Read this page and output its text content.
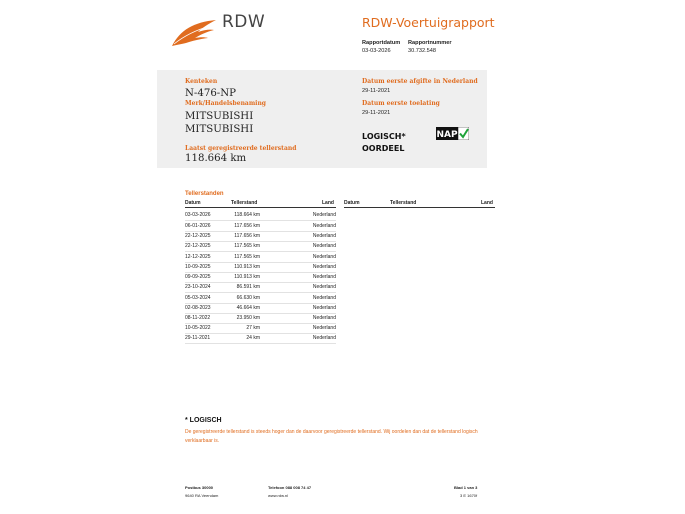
RDW	RDW-Voertuigrapport
Rapportdatum
03-03-2026
Rapportnummer
30.732.548
Kenteken
N-476-NP
Merk/Handelsbenaming
MITSUBISHI
MITSUBISHI
Laatst geregistreerde tellerstand
118.664 km
Datum eerste afgifte in Nederland
29-11-2021
Datum eerste toelating
29-11-2021
LOGISCH*
OORDEEL
NAP
Tellerstanden
Datum	Tellerstand	Land Datum	Tellerstand	Land
03-03-2026	118.664 km	Nederland
06-01-2026	117.656 km	Nederland
22-12-2025	117.656 km	Nederland
22-12-2025	117.565 km	Nederland
12-12-2025	117.565 km	Nederland
10-09-2025	110.913 km	Nederland
09-09-2025	110.913 km	Nederland
23-10-2024	86.591 km	Nederland
05-03-2024	66.630 km	Nederland
02-08-2023	46.664 km	Nederland
08-11-2022	23.950 km	Nederland
10-05-2022	27 km	Nederland
29-11-2021	24 km	Nederland
* LOGISCH
De geregistreerde tellerstand is steeds hoger dan de daarvoor geregistreerde tellerstand. Wij oordelen dan dat de tellerstand logisch verklaarbaar is.
Postbus 30000
9640 RA Veendam
Telefoon 088 008 74 47
www.rdw.nl
Blad 1 van 3
3 E 1670f
